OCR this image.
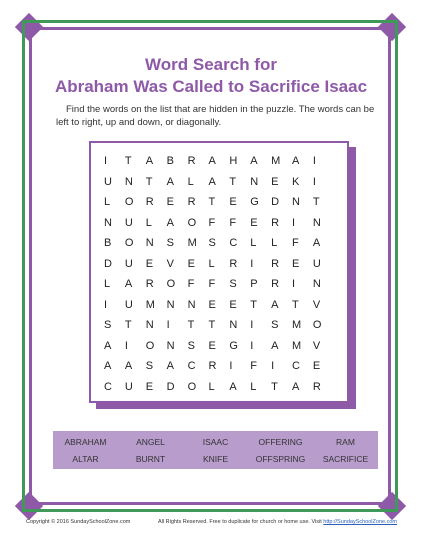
Word Search for
Abraham Was Called to Sacrifice Isaac
Find the words on the list that are hidden in the puzzle. The words can be left to right, up and down, or diagonally.
I	T	A	B	R	A	H	A	M	A	I
U	N	T	A	L	A	T	N	E	K	I
L	O	R	E	R	T	E	G	D	N	T
N	U	L	A	O	F	F	E	R	I	N
B	O	N	S	M	S	C	L	L	F	A
D	U	E	V	E	L	R	I	R	E	U
L	A	R	O	F	F	S	P	R	I	N
I	U	M	N	N	E	E	T	A	T	V
S	T	N	I	T	T	N	I	S	M	O
A	I	O	N	S	E	G	I	A	M	V
A	A	S	A	C	R	I	F	I	C	E
C	U	E	D	O	L	A	L	T	A	R
ABRAHAM	ANGEL	ISAAC	OFFERING	RAM
ALTAR	BURNT	KNIFE	OFFSPRING	SACRIFICE
Copyright © 2016 SundaySchoolZone.com	All Rights Reserved. Free to duplicate for church or home use. Visit http://SundaySchoolZone.com
